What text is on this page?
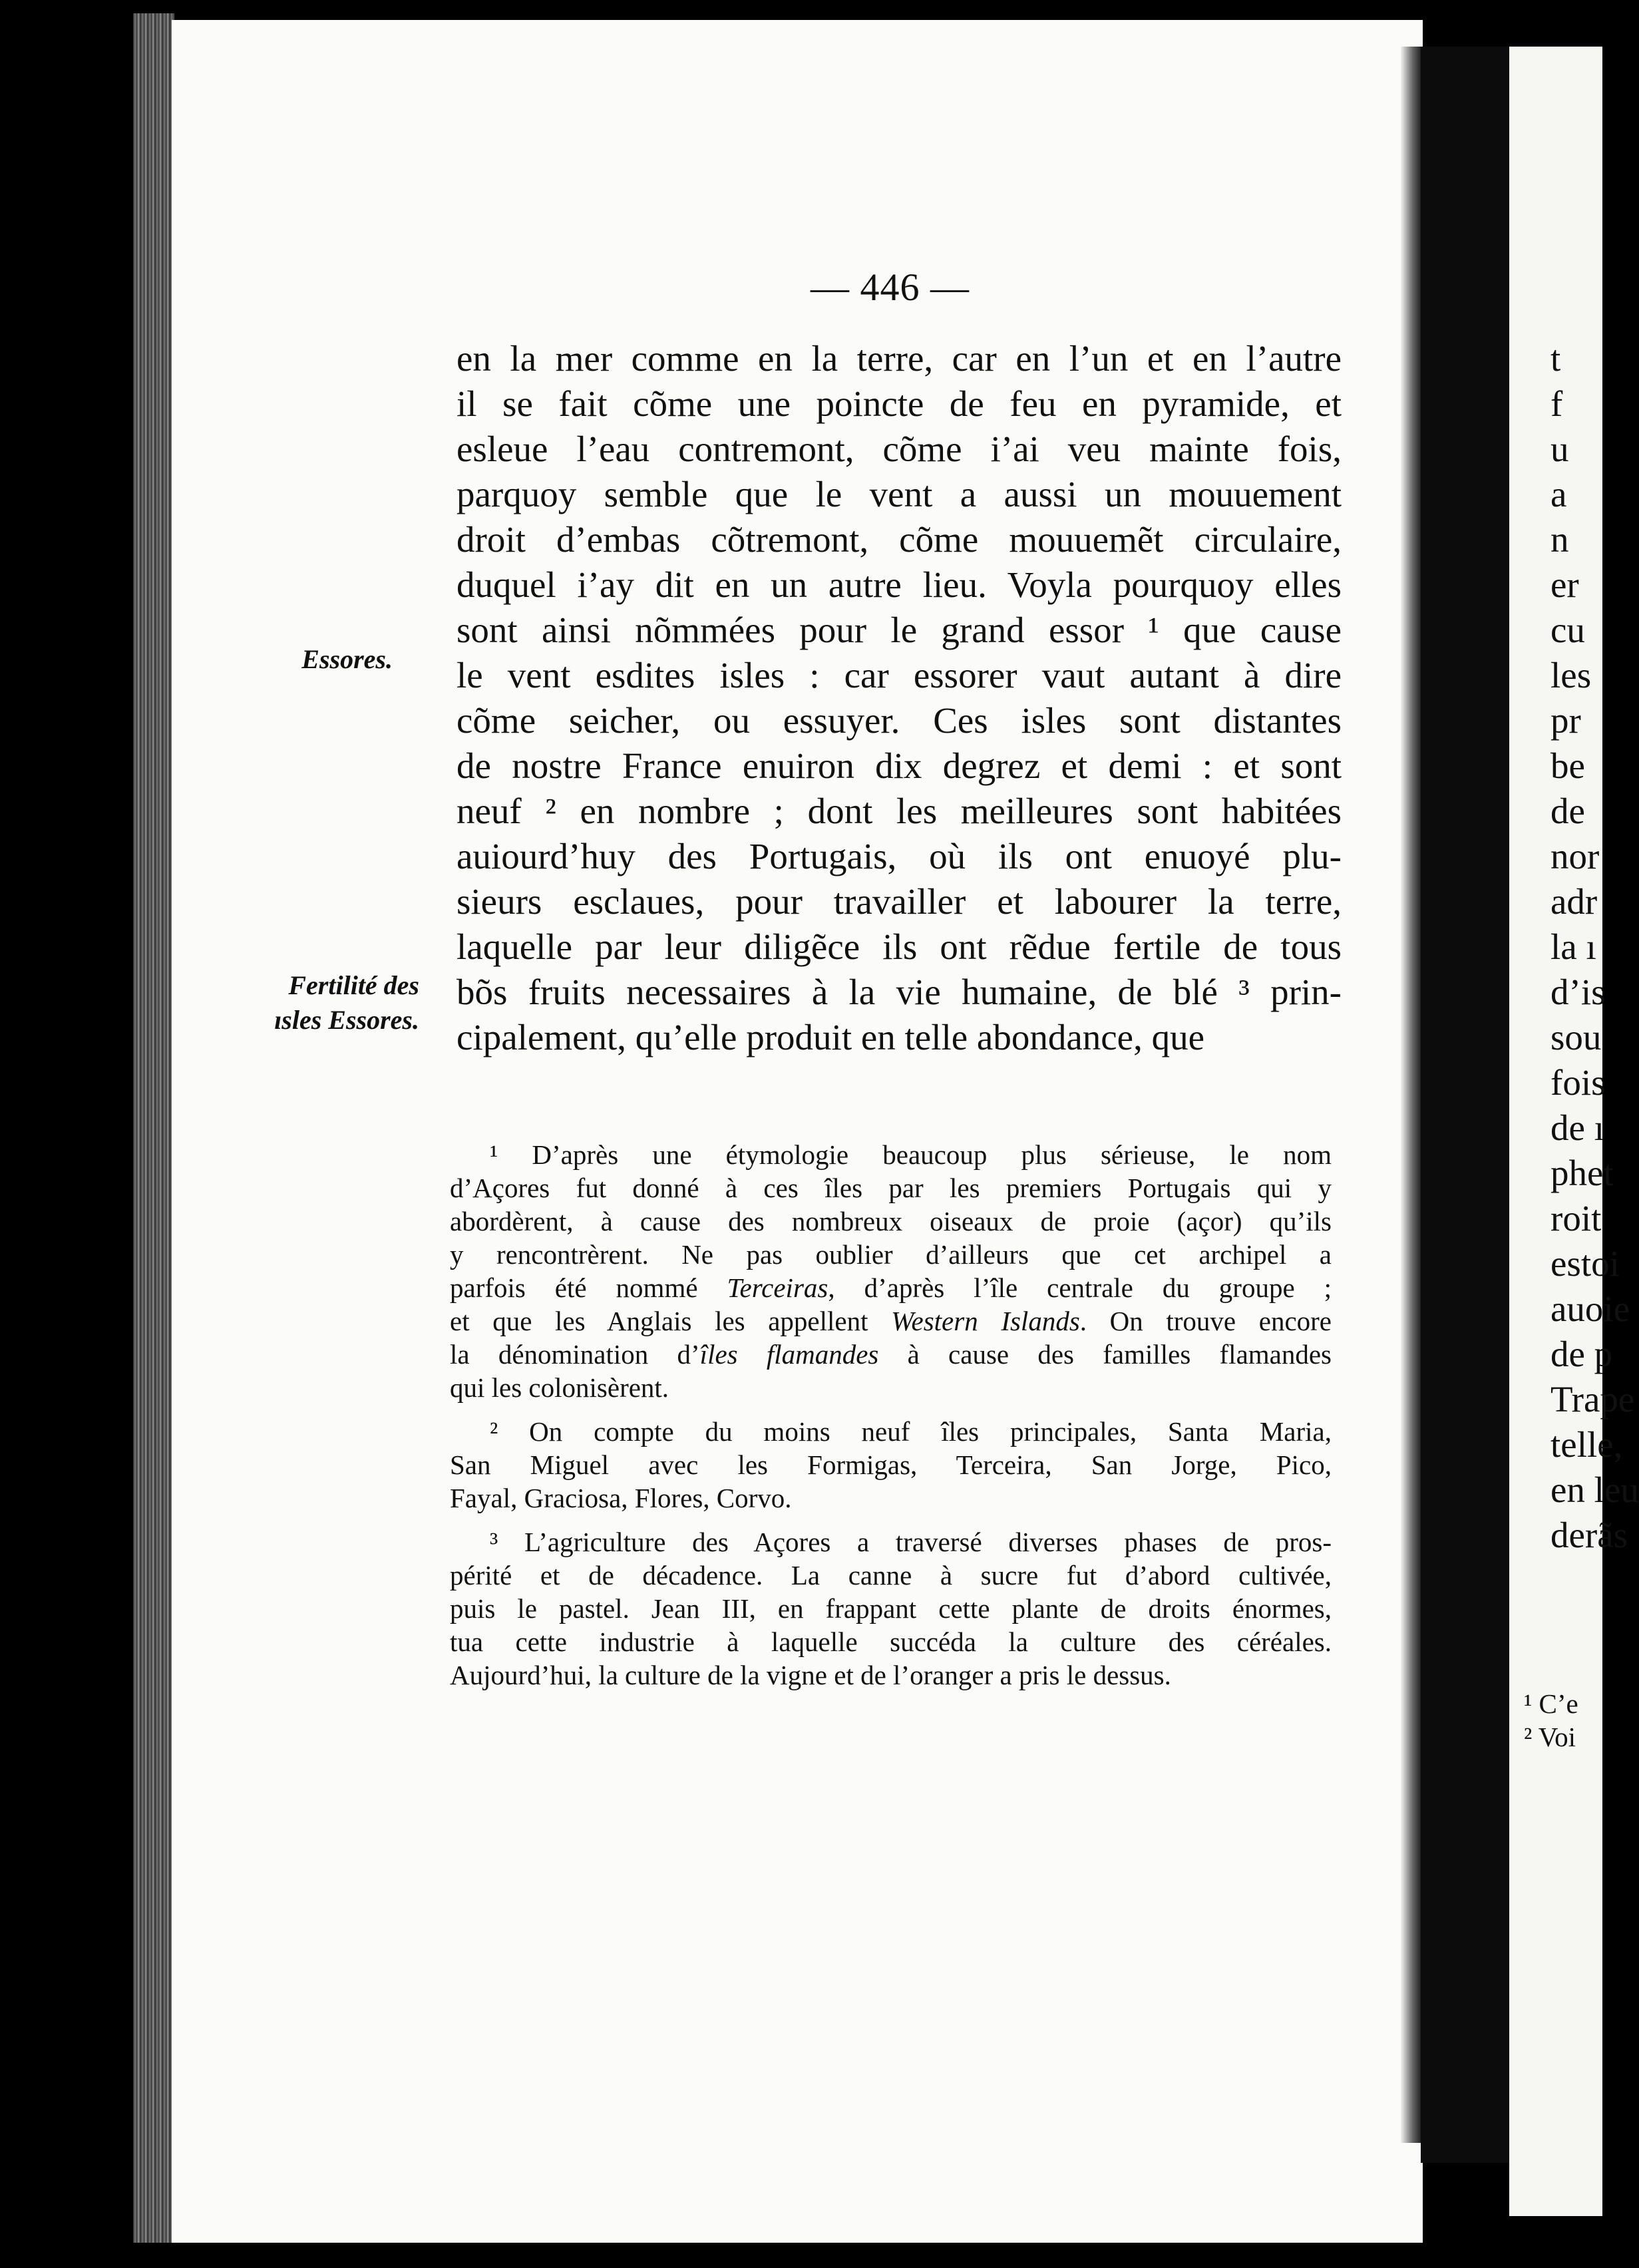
— 446 —
Essores.
Fertilité des
ısles Essores.
en la mer comme en la terre, car en l’un et en l’autre
il se fait cõme une poincte de feu en pyramide, et
esleue l’eau contremont, cõme i’ai veu mainte fois,
parquoy semble que le vent a aussi un mouuement
droit d’embas cõtremont, cõme mouuemẽt circulaire,
duquel i’ay dit en un autre lieu. Voyla pourquoy elles
sont ainsi nõmmées pour le grand essor ¹ que cause
le vent esdites isles : car essorer vaut autant à dire
cõme seicher, ou essuyer. Ces isles sont distantes
de nostre France enuiron dix degrez et demi : et sont
neuf ² en nombre ; dont les meilleures sont habitées
auiourd’huy des Portugais, où ils ont enuoyé plu-
sieurs esclaues, pour travailler et labourer la terre,
laquelle par leur diligẽce ils ont rẽdue fertile de tous
bõs fruits necessaires à la vie humaine, de blé ³ prin-
cipalement, qu’elle produit en telle abondance, que
¹ D’après une étymologie beaucoup plus sérieuse, le nom
d’Açores fut donné à ces îles par les premiers Portugais qui y
abordèrent, à cause des nombreux oiseaux de proie (açor) qu’ils
y rencontrèrent. Ne pas oublier d’ailleurs que cet archipel a
parfois été nommé Terceiras, d’après l’île centrale du groupe ;
et que les Anglais les appellent Western Islands. On trouve encore
la dénomination d’îles flamandes à cause des familles flamandes
qui les colonisèrent.
² On compte du moins neuf îles principales, Santa Maria,
San Miguel avec les Formigas, Terceira, San Jorge, Pico,
Fayal, Graciosa, Flores, Corvo.
³ L’agriculture des Açores a traversé diverses phases de pros-
périté et de décadence. La canne à sucre fut d’abord cultivée,
puis le pastel. Jean III, en frappant cette plante de droits énormes,
tua cette industrie à laquelle succéda la culture des céréales.
Aujourd’hui, la culture de la vigne et de l’oranger a pris le dessus.
t
f
u
a
n
er
cu
les
pr
be
de
nor
adr
la ı
d’is
sou
fois
de ı
phet
roit
estoi
auoie
de p
Trape
telle,
en leu
derãs
¹ C’e
² Voi
